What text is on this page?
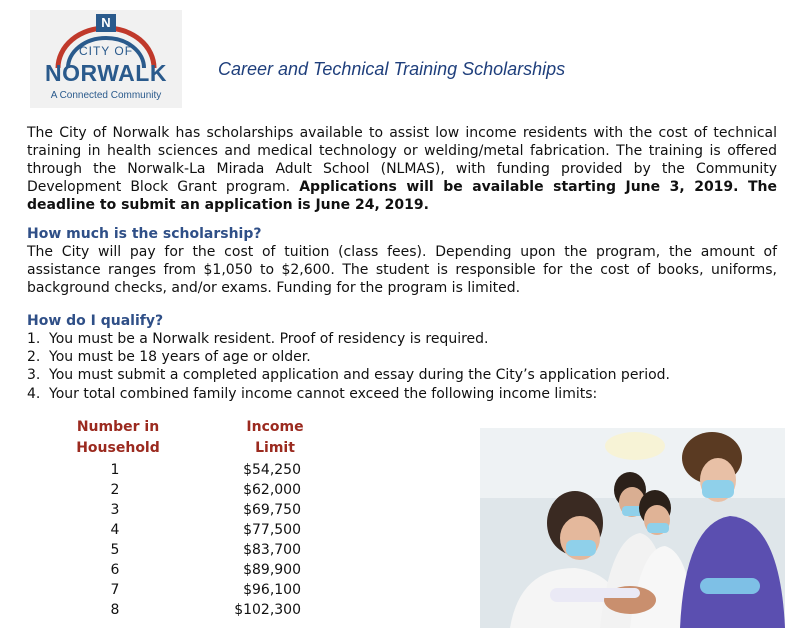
N
CITY OF
NORWALK
A Connected Community
Career and Technical Training Scholarships
The City of Norwalk has scholarships available to assist low income residents with the cost of technical training in health sciences and medical technology or welding/metal fabrication. The training is offered through the Norwalk-La Mirada Adult School (NLMAS), with funding provided by the Community Development Block Grant program. Applications will be available starting June 3, 2019. The deadline to submit an application is June 24, 2019.
How much is the scholarship?
The City will pay for the cost of tuition (class fees). Depending upon the program, the amount of assistance ranges from $1,050 to $2,600. The student is responsible for the cost of books, uniforms, background checks, and/or exams. Funding for the program is limited.
How do I qualify?
1. You must be a Norwalk resident. Proof of residency is required.
2. You must be 18 years of age or older.
3. You must submit a completed application and essay during the City’s application period.
4. Your total combined family income cannot exceed the following income limits:
Number in
Household
Income
Limit
1
2
3
4
5
6
7
8
$54,250
$62,000
$69,750
$77,500
$83,700
$89,900
$96,100
$102,300
